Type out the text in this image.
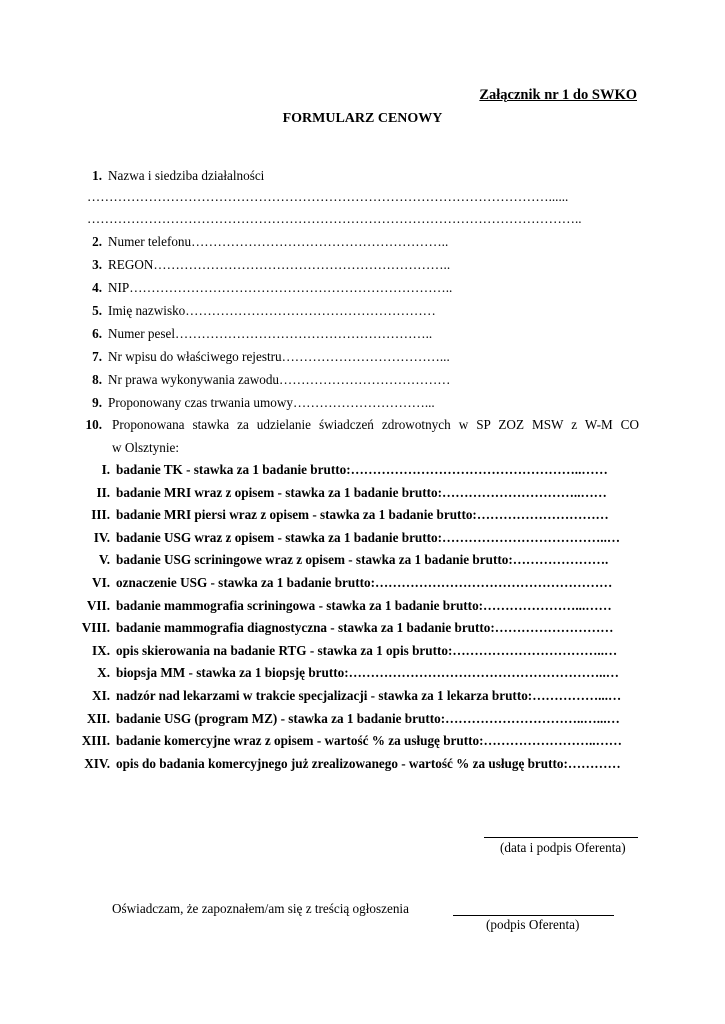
Załącznik nr 1 do SWKO
FORMULARZ CENOWY
1. Nazwa i siedziba działalności
……………………………………………………………………………………………......
…………………………………………………………………………………………………..
2. Numer telefonu…………………………………………………..
3. REGON…………………………………………………………..
4. NIP………………………………………………………………..
5. Imię nazwisko…………………………………………………
6. Numer pesel…………………………………………………..
7. Nr wpisu do właściwego rejestru………………………………...
8. Nr prawa wykonywania zawodu…………………………………
9. Proponowany czas trwania umowy…………………………...
10. Proponowana stawka za udzielanie świadczeń zdrowotnych w SP ZOZ MSW z W-M CO
w Olsztynie:
I. badanie TK - stawka za 1 badanie brutto:……………………………………………..……
II. badanie MRI wraz z opisem - stawka za 1 badanie brutto:…………………………..……
III. badanie MRI piersi wraz z opisem - stawka za 1 badanie brutto:…………………………
IV. badanie USG wraz z opisem - stawka za 1 badanie brutto:………………………………..…
V. badanie USG scriningowe wraz z opisem - stawka za 1 badanie brutto:………………….
VI. oznaczenie USG - stawka za 1 badanie brutto:………………………………………………
VII. badanie mammografia scriningowa - stawka za 1 badanie brutto:…………………...……
VIII. badanie mammografia diagnostyczna - stawka za 1 badanie brutto:………………………
IX. opis skierowania na badanie RTG - stawka za 1 opis brutto:……………………………..…
X. biopsja MM - stawka za 1 biopsję brutto:…………………………………………………..…
XI. nadzór nad lekarzami w trakcie specjalizacji - stawka za 1 lekarza brutto:……………...…
XII. badanie USG (program MZ) - stawka za 1 badanie brutto:…………………………..…...…
XIII. badanie komercyjne wraz z opisem - wartość % za usługę brutto:……………………..……
XIV. opis do badania komercyjnego już zrealizowanego - wartość % za usługę brutto:…………
(data i podpis Oferenta)
Oświadczam, że zapoznałem/am się z treścią ogłoszenia
(podpis Oferenta)
